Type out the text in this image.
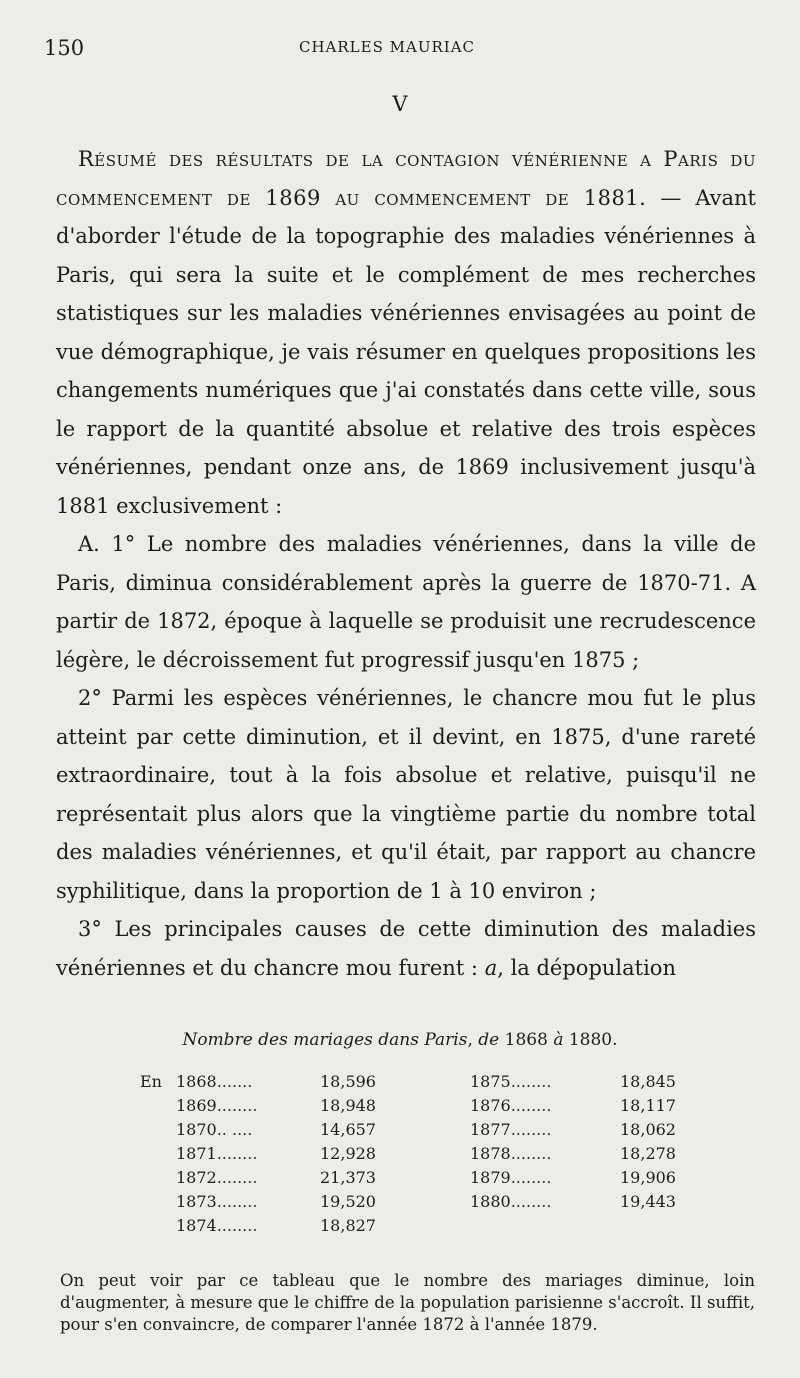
150	CHARLES MAURIAC
V

Résumé des résultats de la contagion vénérienne a Paris du commencement de 1869 au commencement de 1881. — Avant d'aborder l'étude de la topographie des maladies vénériennes à Paris, qui sera la suite et le complément de mes recherches statistiques sur les maladies vénériennes envisagées au point de vue démographique, je vais résumer en quelques propositions les changements numériques que j'ai constatés dans cette ville, sous le rapport de la quantité absolue et relative des trois espèces vénériennes, pendant onze ans, de 1869 inclusivement jusqu'à 1881 exclusivement :

A. 1° Le nombre des maladies vénériennes, dans la ville de Paris, diminua considérablement après la guerre de 1870-71. A partir de 1872, époque à laquelle se produisit une recrudescence légère, le décroissement fut progressif jusqu'en 1875 ;

2° Parmi les espèces vénériennes, le chancre mou fut le plus atteint par cette diminution, et il devint, en 1875, d'une rareté extraordinaire, tout à la fois absolue et relative, puisqu'il ne représentait plus alors que la vingtième partie du nombre total des maladies vénériennes, et qu'il était, par rapport au chancre syphilitique, dans la proportion de 1 à 10 environ ;

3° Les principales causes de cette diminution des maladies vénériennes et du chancre mou furent : a, la dépopulation

Nombre des mariages dans Paris, de 1868 à 1880.
En 1868.......	18,596
1869........	18,948
1870.. ....	14,657
1871........	12,928
1872........	21,373
1873........	19,520
1874........	18,827
1875........	18,845
1876........	18,117
1877........	18,062
1878........	18,278
1879........	19,906
1880........	19,443

On peut voir par ce tableau que le nombre des mariages diminue, loin d'augmenter, à mesure que le chiffre de la population parisienne s'accroît. Il suffit, pour s'en convaincre, de comparer l'année 1872 à l'année 1879.
